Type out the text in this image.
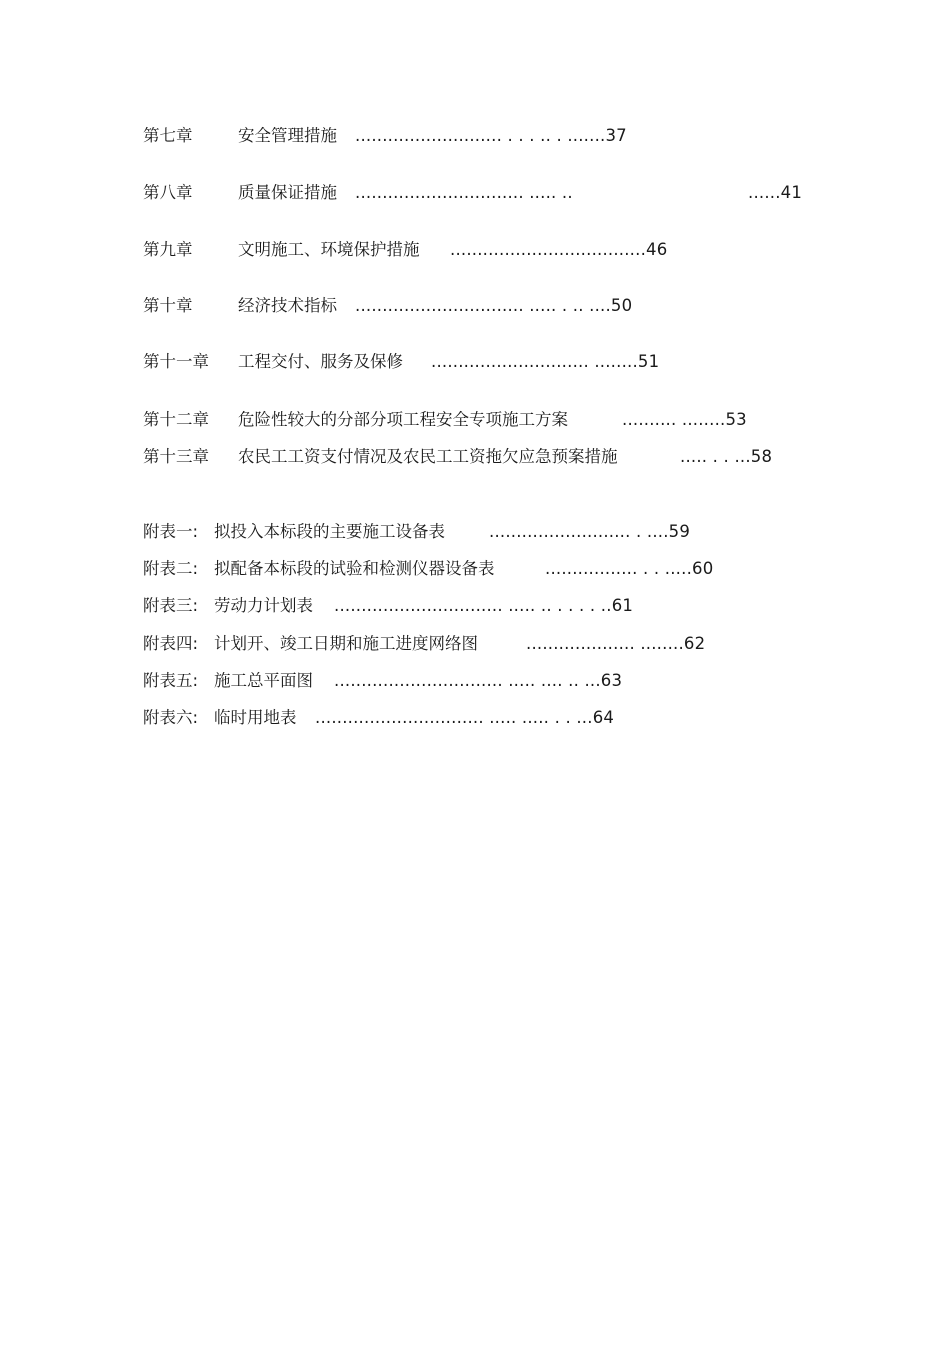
第七章	安全管理措施 ........................... . . . .. . .......37
第八章	质量保证措施 ............................... ..... ..	......41
第九章	文明施工、环境保护措施 ....................................46
第十章	经济技术指标 ............................... ..... . .. ....50
第十一章 工程交付、服务及保修 ............................. ........51
第十二章 危险性较大的分部分项工程安全专项施工方案	.......... ........53
第十三章 农民工工资支付情况及农民工工资拖欠应急预案措施	..... . . ...58
附表一: 拟投入本标段的主要施工设备表	.......................... . ....59
附表二: 拟配备本标段的试验和检测仪器设备表	................. . . .....60
附表三: 劳动力计划表 ............................... ..... .. . . . . ..61
附表四: 计划开、竣工日期和施工进度网络图	.................... ........62
附表五: 施工总平面图 ............................... ..... .... .. ...63
附表六: 临时用地表 ............................... ..... ..... . . ...64
